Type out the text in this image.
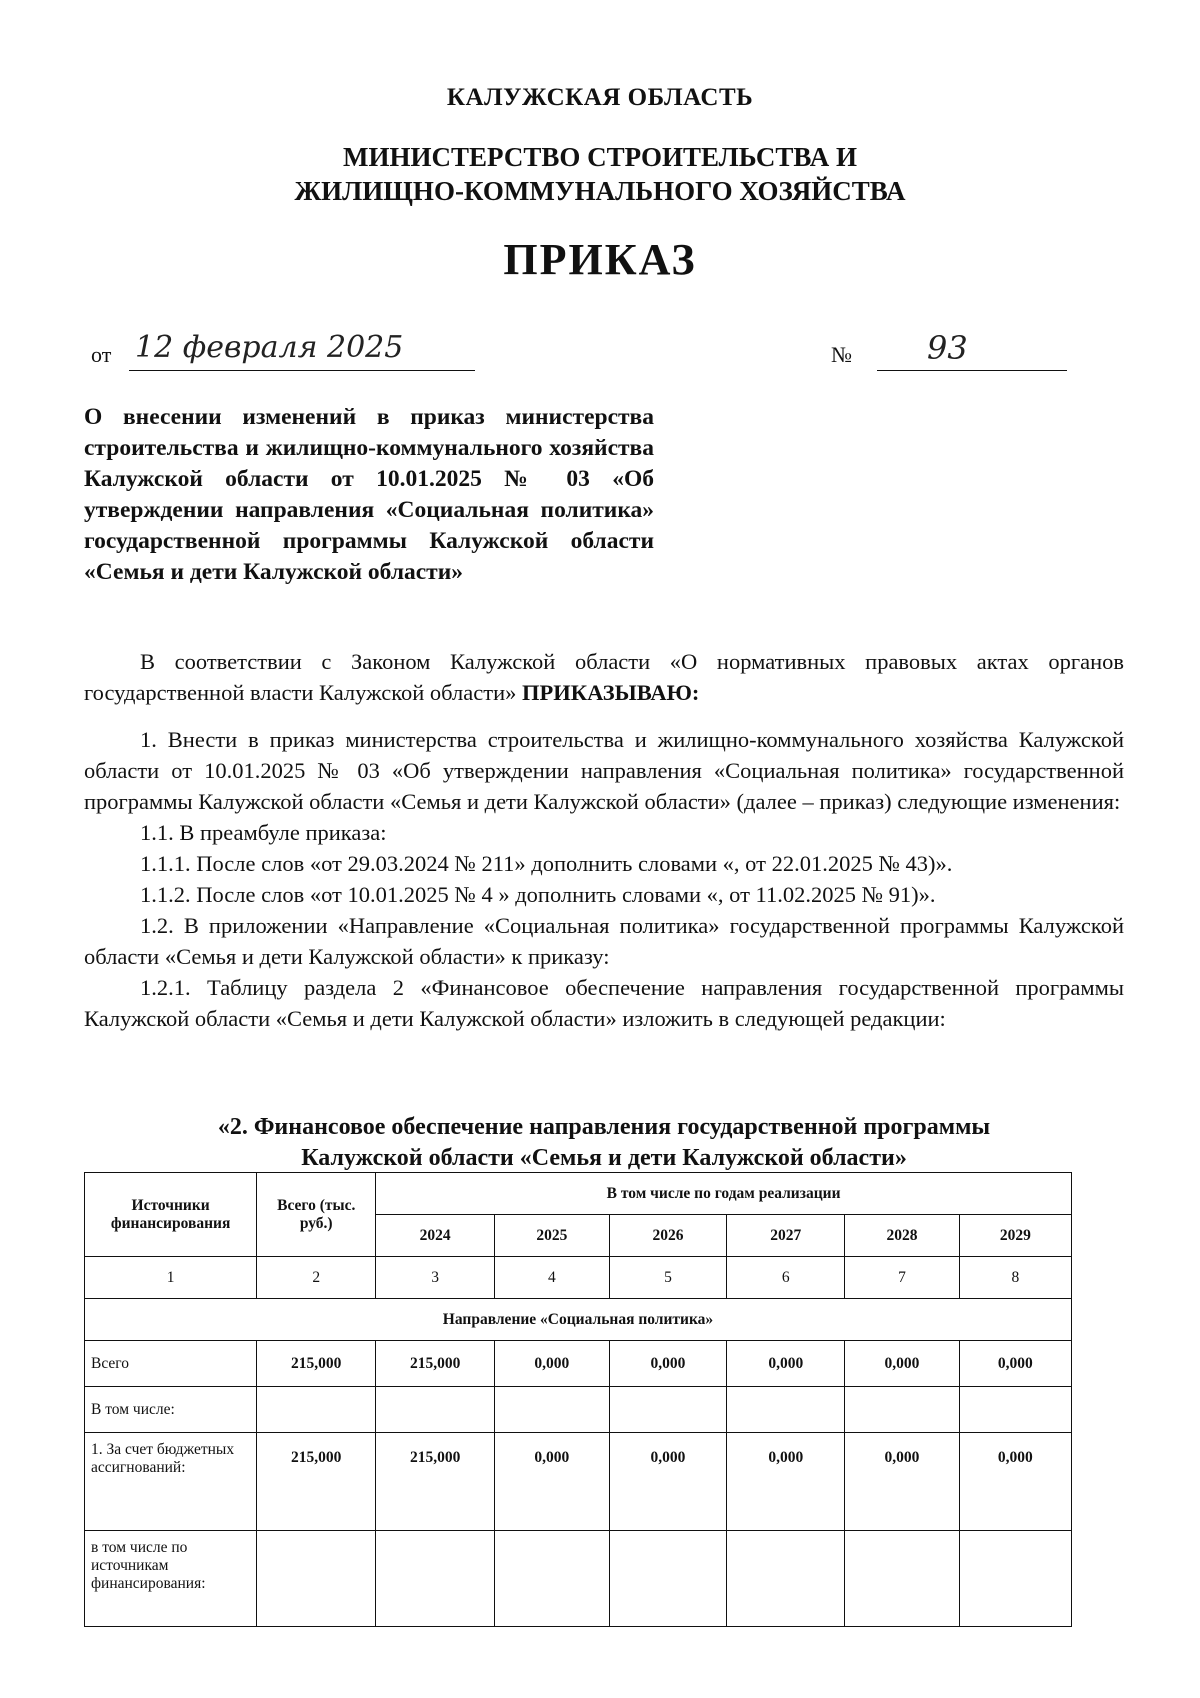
КАЛУЖСКАЯ ОБЛАСТЬ
МИНИСТЕРСТВО СТРОИТЕЛЬСТВА И
ЖИЛИЩНО-КОММУНАЛЬНОГО ХОЗЯЙСТВА
ПРИКАЗ
от 12 февраля 2025	№	93
О внесении изменений в приказ министерства строительства и жилищно-коммунального хозяйства Калужской области от 10.01.2025 № 03 «Об утверждении направления «Социальная политика» государственной программы Калужской области «Семья и дети Калужской области»

В соответствии с Законом Калужской области «О нормативных правовых актах органов государственной власти Калужской области» ПРИКАЗЫВАЮ:

1. Внести в приказ министерства строительства и жилищно-коммунального хозяйства Калужской области от 10.01.2025 № 03 «Об утверждении направления «Социальная политика» государственной программы Калужской области «Семья и дети Калужской области» (далее – приказ) следующие изменения:

1.1. В преамбуле приказа:

1.1.1. После слов «от 29.03.2024 № 211» дополнить словами «, от 22.01.2025 № 43)».

1.1.2. После слов «от 10.01.2025 № 4 » дополнить словами «, от 11.02.2025 № 91)».

1.2. В приложении «Направление «Социальная политика» государственной программы Калужской области «Семья и дети Калужской области» к приказу:

1.2.1. Таблицу раздела 2 «Финансовое обеспечение направления государственной программы Калужской области «Семья и дети Калужской области» изложить в следующей редакции:

«2. Финансовое обеспечение направления государственной программы
Калужской области «Семья и дети Калужской области»
Источники финансирования	Всего (тыс. руб.)	В том числе по годам реализации					
		2024	2025	2026	2027	2028	2029
1	2	3	4	5	6	7	8
Направление «Социальная политика»							
Всего	215,000	215,000	0,000	0,000	0,000	0,000	0,000
В том числе:							
1. За счет бюджетных ассигнований:	215,000	215,000	0,000	0,000	0,000	0,000	0,000
в том числе по источникам финансирования:							
